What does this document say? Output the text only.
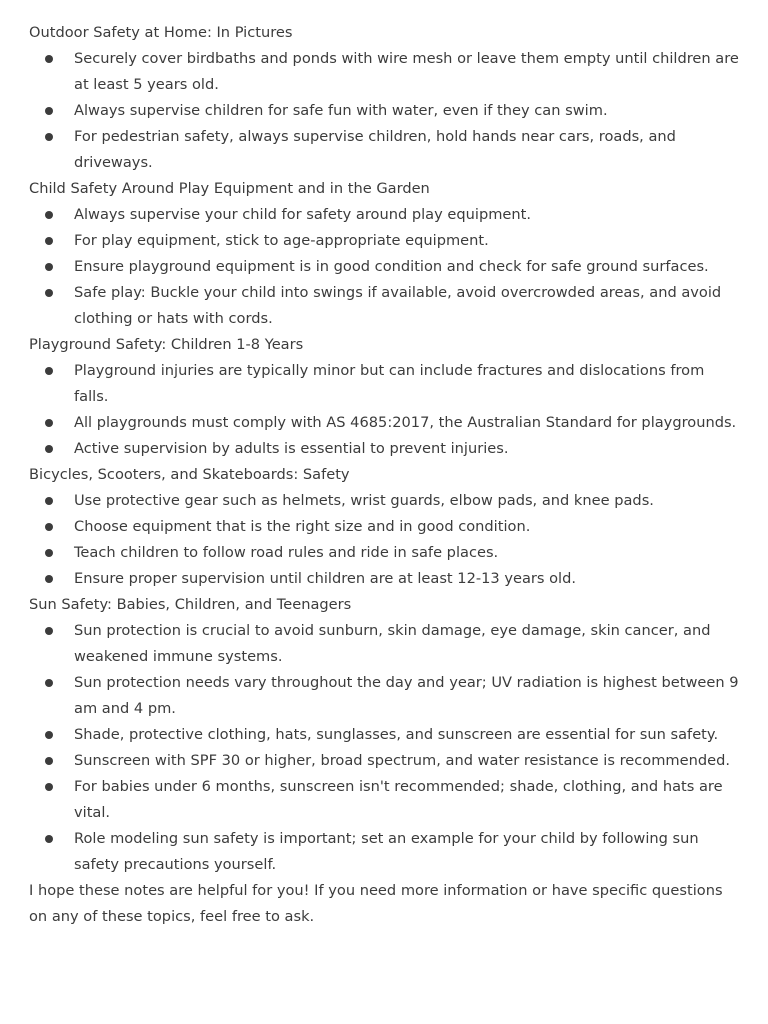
Outdoor Safety at Home: In Pictures

Securely cover birdbaths and ponds with wire mesh or leave them empty until children are at least 5 years old.
Always supervise children for safe fun with water, even if they can swim.
For pedestrian safety, always supervise children, hold hands near cars, roads, and driveways.

Child Safety Around Play Equipment and in the Garden

Always supervise your child for safety around play equipment.
For play equipment, stick to age-appropriate equipment.
Ensure playground equipment is in good condition and check for safe ground surfaces.
Safe play: Buckle your child into swings if available, avoid overcrowded areas, and avoid clothing or hats with cords.

Playground Safety: Children 1-8 Years

Playground injuries are typically minor but can include fractures and dislocations from falls.
All playgrounds must comply with AS 4685:2017, the Australian Standard for playgrounds.
Active supervision by adults is essential to prevent injuries.

Bicycles, Scooters, and Skateboards: Safety

Use protective gear such as helmets, wrist guards, elbow pads, and knee pads.
Choose equipment that is the right size and in good condition.
Teach children to follow road rules and ride in safe places.
Ensure proper supervision until children are at least 12-13 years old.

Sun Safety: Babies, Children, and Teenagers

Sun protection is crucial to avoid sunburn, skin damage, eye damage, skin cancer, and weakened immune systems.
Sun protection needs vary throughout the day and year; UV radiation is highest between 9 am and 4 pm.
Shade, protective clothing, hats, sunglasses, and sunscreen are essential for sun safety.
Sunscreen with SPF 30 or higher, broad spectrum, and water resistance is recommended.
For babies under 6 months, sunscreen isn't recommended; shade, clothing, and hats are vital.
Role modeling sun safety is important; set an example for your child by following sun safety precautions yourself.

I hope these notes are helpful for you! If you need more information or have specific questions on any of these topics, feel free to ask.
